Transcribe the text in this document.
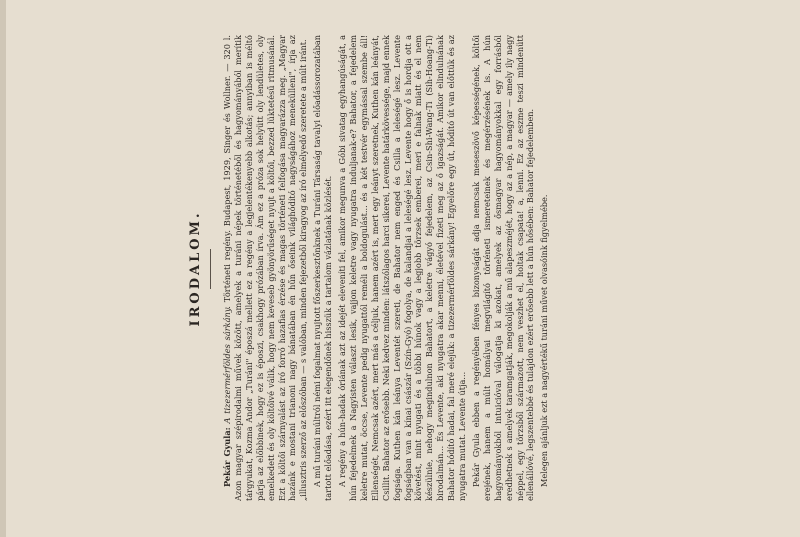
IRODALOM.

Pekár Gyula: A tizezermérföldes sárkány. Történeti regény. Budapest, 1929, Singer és Wollner. — 320 l. Azon magyar szépirodalmi művek között, amelyek a turáni népek történetéből és hagyományából merítik tárgyukat, Kozma Andor „Turáni" époszá mellett ez a regény a legjelentékenyebb alkotás; annyiban is méltó párja az előbbinek, hogy ez is époszi, csakhogy prózában írva. Ám ez a próza sok helyütt oly lendületes, oly emelkedett és oly költőivé válik, hogy nem keveseb gyönyörűséget nyujt a költői, bezzed lüktetésű ritmusánál. Ezt a költői szárnyalást az író forró hazafias érzése és magas történeti felfogása magyarázza meg. „Magyar hazánk e mostani trianoni nagy bánatában én hűn őseink világhódító nagyságához menekülleni", írja az „illusztris szerző az előszóban — s valóban, minden fejezetből kiragyog az író elmélyedő szeretete a múlt iránt. A mű turáni múltról némi fogalmat nyujtott főszerkesztőnknek a Turáni Társaság tavalyi előadássorozatában tartott előadása, ezért itt elegendőnek hisszük a tartalom vázlatának közlését. A regény a hún-hadak óriának azt az idejét eleveníti fel, amikor megunva a Góbi sivatag egyhangúságát, a hún fejedelmek a Nagyisten választ lesik, vajjon keletre vagy nyugatra induljanak-e? Bahator, a fejedelem keletre mutat, öccse, Levente pedig nyugattól reméli a boldogulást... és a két testvér egymással szembe áll! Ellenségét, Nemcsak azért, mert más a céljuk, hanem azért is, mert egy leányt szeretnek, Kuthen kán leányát, Csillit. Bahator az erősebb. Neki kedvez minden: látszólagos harci sikerei, Levente határkövessége, majd ennek fogsága. Kuthen kán leánya Leventét szereti, de Bahator nem enged és Csilla a leleségé lesz. Levente fogságban van a kínai császár (Szín-Gyó) fogolya, de kalandjai a leleségé lesz. Levente hogy ő is hordja ott a követést, mint nyugati és a többi húnok vagy a legjobb törzsek emberei, meri e falnak miatt és el nem készülnie, nehogy megindulnon Bahatort, a keletre vágyó fejedelem, az Csin-Shi-Wang-Ti (Sih-Hoang-Ti) birodalmán... És Levente, aki nyugatra akar menni, életével fizeti meg az ő igazságát. Amikor elindulnának Bahator hódító hadai, fal meré elejük: a tizezermérföldes sárkány! Egyelőre egy út, hódító út van előttük és az nyugatra mutat. Levente útja... Pekár Gyula ebben a regényében fényes bizonyságát adja nemcsak meseszövő képességének, költői erejének, hanem a múlt homályai megvilágító történeti ismereteinek és megérzésének is. A hún hagyományokból intuicióval válogatja ki azokat, amelyek az ősmagyar hagyományokkal egy forrásból eredhetnek s amelyek taramgatják, megokolják a mű alapeszméjét, hogy az a nép, a magyar — amely ily nagy néppel, egy törzsből származott, nem veszhet el, holtak csapata! a, lenni. Ez az eszme teszi mindenütt ellenállóvé, legszentebbé és tulajdon ezért erősebb lett a hún hősében: Bahator fejedelemben. Melegen ajánljuk ezt a nagyértékű turáni művet olvasóink figyelmébe.
